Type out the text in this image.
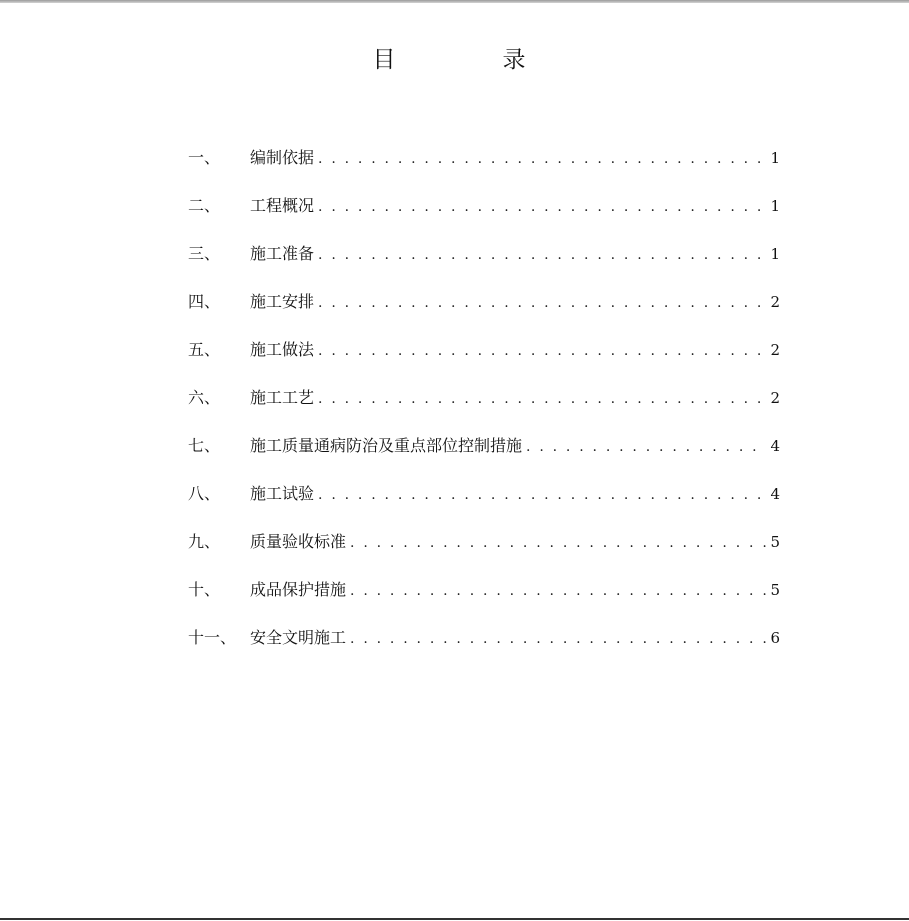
目　录
一、	编制依据 . . .	1
二、	工程概况 . . .	1
三、	施工准备 . . .	1
四、	施工安排 . . .	2
五、	施工做法 . . .	2
六、	施工工艺 . . .	2
七、	施工质量通病防治及重点部位控制措施 . . .	4
八、	施工试验 . . .	4
九、	质量验收标准 . . .	5
十、	成品保护措施 . . .	5
十一、 安全文明施工 . . .	6
